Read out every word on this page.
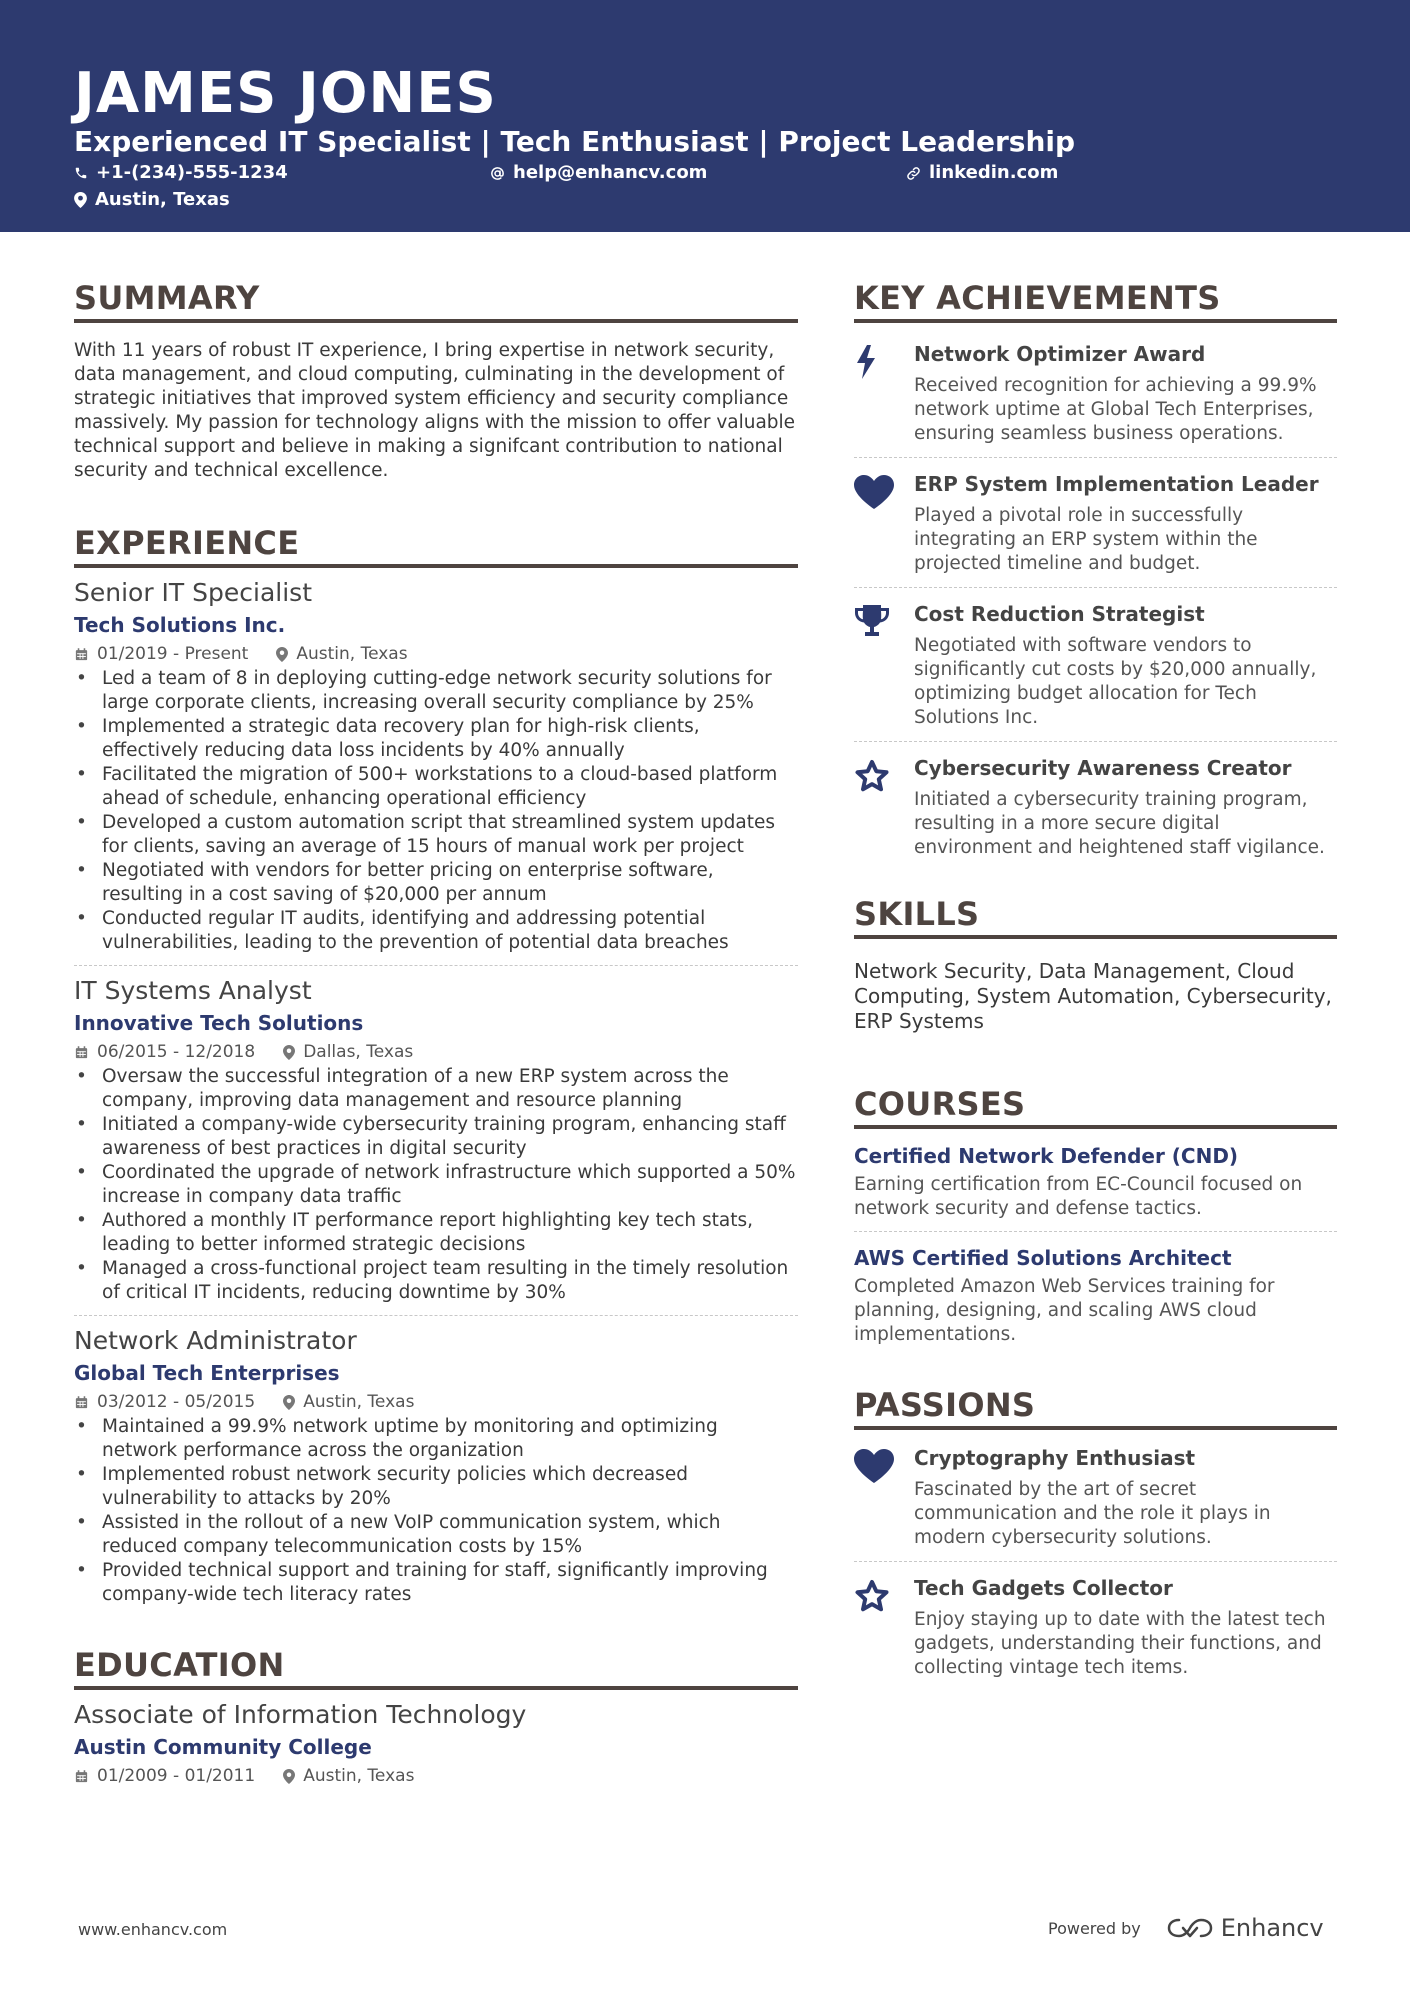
JAMES JONES
Experienced IT Specialist | Tech Enthusiast | Project Leadership
+1-(234)-555-1234	help@enhancv.com	linkedin.com
Austin, Texas
SUMMARY
With 11 years of robust IT experience, I bring expertise in network security, data management, and cloud computing, culminating in the development of strategic initiatives that improved system efficiency and security compliance massively. My passion for technology aligns with the mission to offer valuable technical support and believe in making a signifcant contribution to national security and technical excellence.
EXPERIENCE
Senior IT Specialist
Tech Solutions Inc.
01/2019 - Present	Austin, Texas
• Led a team of 8 in deploying cutting-edge network security solutions for large corporate clients, increasing overall security compliance by 25%
• Implemented a strategic data recovery plan for high-risk clients, effectively reducing data loss incidents by 40% annually
• Facilitated the migration of 500+ workstations to a cloud-based platform ahead of schedule, enhancing operational efficiency
• Developed a custom automation script that streamlined system updates for clients, saving an average of 15 hours of manual work per project
• Negotiated with vendors for better pricing on enterprise software, resulting in a cost saving of $20,000 per annum
• Conducted regular IT audits, identifying and addressing potential vulnerabilities, leading to the prevention of potential data breaches
IT Systems Analyst
Innovative Tech Solutions
06/2015 - 12/2018	Dallas, Texas
• Oversaw the successful integration of a new ERP system across the company, improving data management and resource planning
• Initiated a company-wide cybersecurity training program, enhancing staff awareness of best practices in digital security
• Coordinated the upgrade of network infrastructure which supported a 50% increase in company data traffic
• Authored a monthly IT performance report highlighting key tech stats, leading to better informed strategic decisions
• Managed a cross-functional project team resulting in the timely resolution of critical IT incidents, reducing downtime by 30%
Network Administrator
Global Tech Enterprises
03/2012 - 05/2015	Austin, Texas
• Maintained a 99.9% network uptime by monitoring and optimizing network performance across the organization
• Implemented robust network security policies which decreased vulnerability to attacks by 20%
• Assisted in the rollout of a new VoIP communication system, which reduced company telecommunication costs by 15%
• Provided technical support and training for staff, significantly improving company-wide tech literacy rates
EDUCATION
Associate of Information Technology
Austin Community College
01/2009 - 01/2011	Austin, Texas
KEY ACHIEVEMENTS
Network Optimizer Award
Received recognition for achieving a 99.9% network uptime at Global Tech Enterprises, ensuring seamless business operations.
ERP System Implementation Leader
Played a pivotal role in successfully integrating an ERP system within the projected timeline and budget.
Cost Reduction Strategist
Negotiated with software vendors to significantly cut costs by $20,000 annually, optimizing budget allocation for Tech Solutions Inc.
Cybersecurity Awareness Creator
Initiated a cybersecurity training program, resulting in a more secure digital environment and heightened staff vigilance.
SKILLS
Network Security, Data Management, Cloud Computing, System Automation, Cybersecurity, ERP Systems
COURSES
Certified Network Defender (CND)
Earning certification from EC-Council focused on network security and defense tactics.
AWS Certified Solutions Architect
Completed Amazon Web Services training for planning, designing, and scaling AWS cloud implementations.
PASSIONS
Cryptography Enthusiast
Fascinated by the art of secret communication and the role it plays in modern cybersecurity solutions.
Tech Gadgets Collector
Enjoy staying up to date with the latest tech gadgets, understanding their functions, and collecting vintage tech items.
www.enhancv.com	Powered by	Enhancv
